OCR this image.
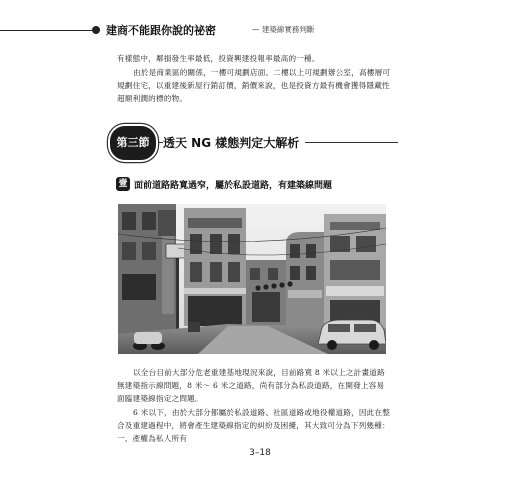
建商不能跟你說的祕密	— 建築線實務判斷

有樣態中，鄰損發生率最低，投資興建投報率最高的一種。

由於是商業區的關係，一樓可規劃店面、二樓以上可規劃辦公室，高樓層可規劃住宅，以重建後新屋行銷訂價，銷價來說，也是投資方最有機會獲得隱藏性超額利潤的標的物。

第三節	透天 NG 樣態判定大解析
壹 面前道路路寬過窄，屬於私設道路，有建築線問題

以全台目前大部分危老重建基地現況來說，目前路寬 8 米以上之計畫道路無建築指示線問題，8 米～ 6 米之道路，尚有部分為私設道路，在開發上容易面臨建築線指定之問題。

6 米以下，由於大部分都屬於私設道路、社區道路或地役權道路，因此在整合及重建過程中，將會產生建築線指定的糾紛及困擾，其大致可分為下列幾種：

一、產權為私人所有

3–18
